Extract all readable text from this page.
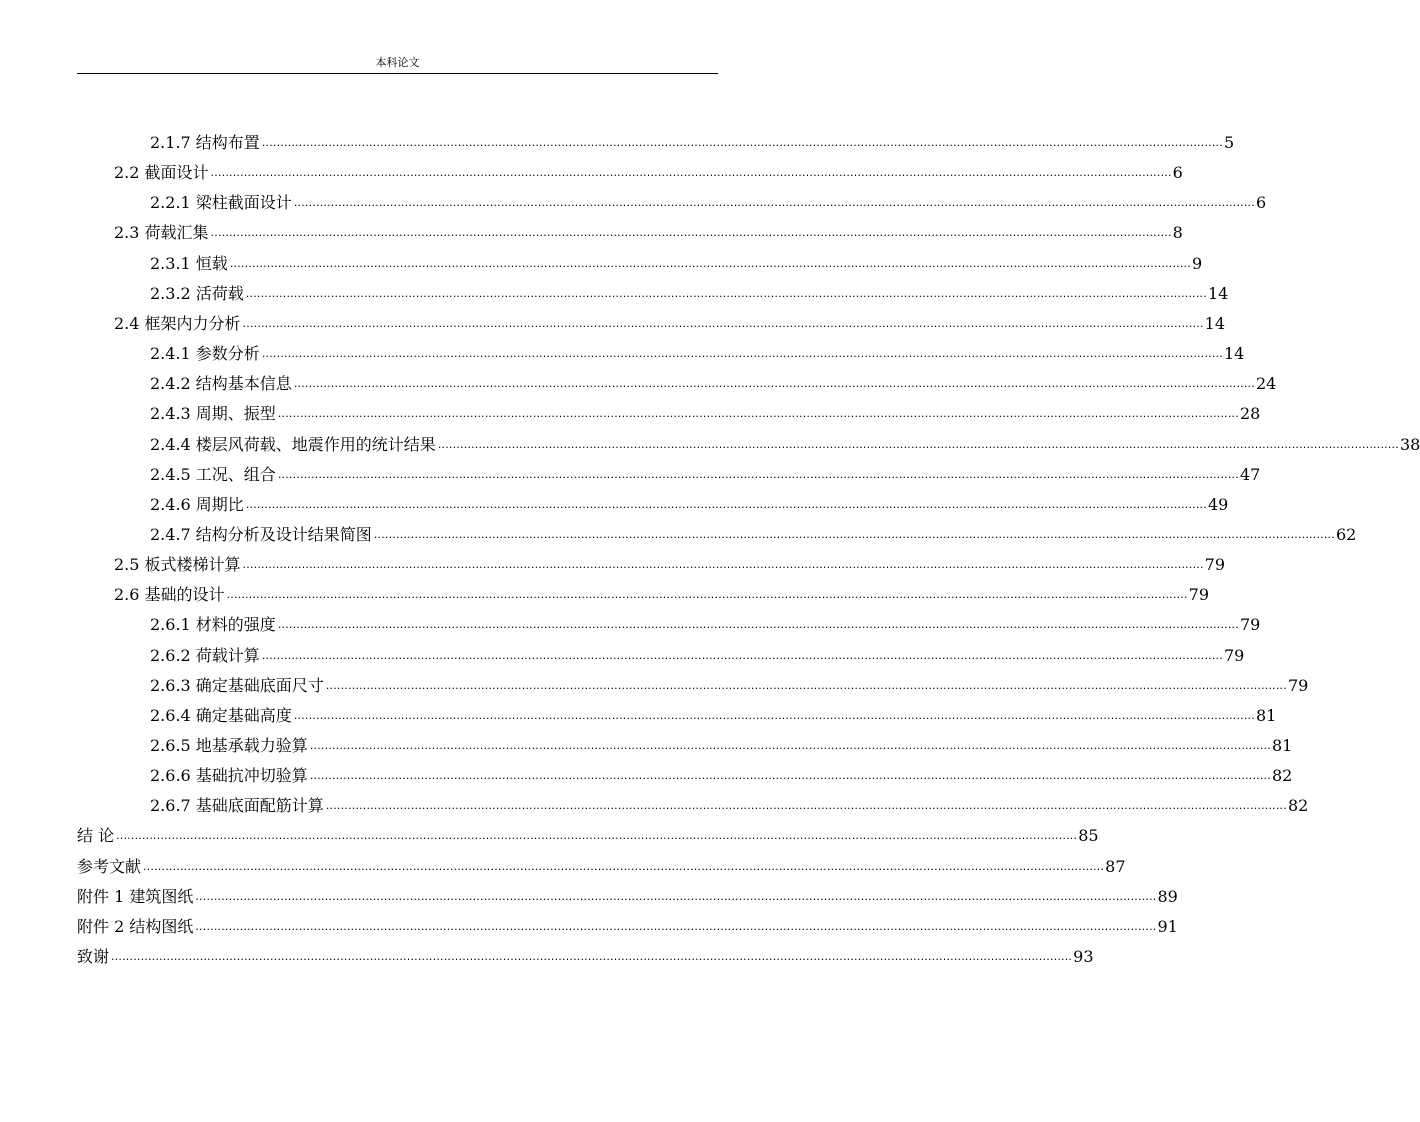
本科论文
2.1.7 结构布置 .................................................................................................................................................................................................................................................................... 5
2.2 截面设计 .................................................................................................................................................................................................................................................................... 6
2.2.1 梁柱截面设计 .................................................................................................................................................................................................................................................................... 6
2.3 荷载汇集 .................................................................................................................................................................................................................................................................... 8
2.3.1 恒载 .................................................................................................................................................................................................................................................................... 9
2.3.2 活荷载 .................................................................................................................................................................................................................................................................... 14
2.4 框架内力分析 .................................................................................................................................................................................................................................................................... 14
2.4.1 参数分析 .................................................................................................................................................................................................................................................................... 14
2.4.2 结构基本信息 .................................................................................................................................................................................................................................................................... 24
2.4.3 周期、振型 .................................................................................................................................................................................................................................................................... 28
2.4.4 楼层风荷载、地震作用的统计结果 .................................................................................................................................................................................................................................................................... 38
2.4.5 工况、组合 .................................................................................................................................................................................................................................................................... 47
2.4.6 周期比 .................................................................................................................................................................................................................................................................... 49
2.4.7 结构分析及设计结果简图 .................................................................................................................................................................................................................................................................... 62
2.5 板式楼梯计算 .................................................................................................................................................................................................................................................................... 79
2.6 基础的设计 .................................................................................................................................................................................................................................................................... 79
2.6.1 材料的强度 .................................................................................................................................................................................................................................................................... 79
2.6.2 荷载计算 .................................................................................................................................................................................................................................................................... 79
2.6.3 确定基础底面尺寸 .................................................................................................................................................................................................................................................................... 79
2.6.4 确定基础高度 .................................................................................................................................................................................................................................................................... 81
2.6.5 地基承载力验算 .................................................................................................................................................................................................................................................................... 81
2.6.6 基础抗冲切验算 .................................................................................................................................................................................................................................................................... 82
2.6.7 基础底面配筋计算 .................................................................................................................................................................................................................................................................... 82
结 论 .................................................................................................................................................................................................................................................................... 85
参考文献 .................................................................................................................................................................................................................................................................... 87
附件 1 建筑图纸 .................................................................................................................................................................................................................................................................... 89
附件 2 结构图纸 .................................................................................................................................................................................................................................................................... 91
致谢 .................................................................................................................................................................................................................................................................... 93
